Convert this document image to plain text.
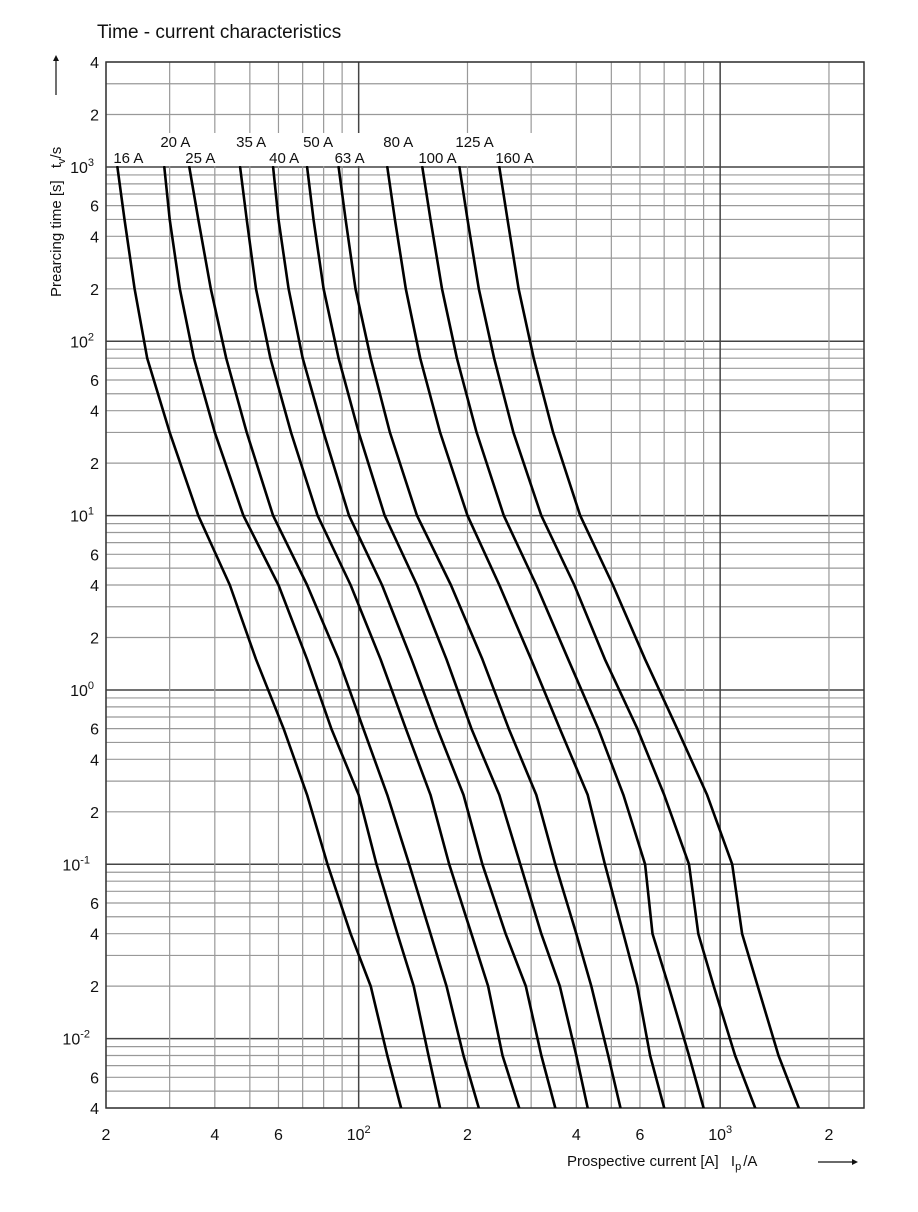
Time - current characteristics
16 A
20 A
25 A
35 A
40 A
50 A
63 A
80 A
100 A
125 A
160 A
2	4	6	$10^2$	2	4	6	$10^3$	2
4
2
$10^3$
6
4
2
$10^2$
6
4
2
$10^1$
6
4
2
$10^0$
6
4
2
$10^{-1}$
6
4
2
$10^{-2}$
6
4
Prearcing time [s] $t_v/s$
Prospective current [A] $I_p$ /A
